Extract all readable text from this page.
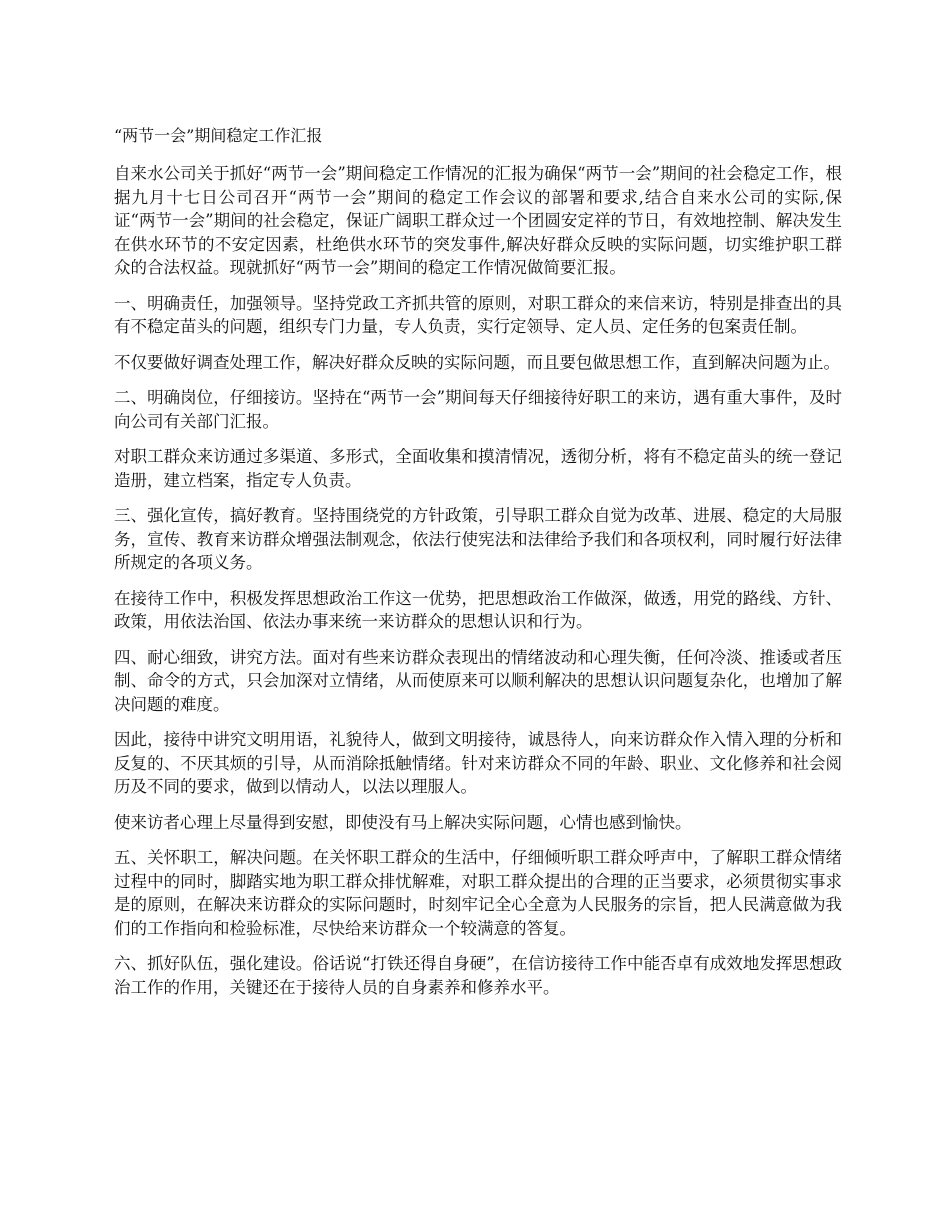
“两节一会”期间稳定工作汇报

自来水公司关于抓好“两节一会”期间稳定工作情况的汇报为确保“两节一会”期间的社会稳定工作，根据九月十七日公司召开“两节一会”期间的稳定工作会议的部署和要求,结合自来水公司的实际,保证“两节一会”期间的社会稳定，保证广阔职工群众过一个团圆安定祥的节日，有效地控制、解决发生在供水环节的不安定因素，杜绝供水环节的突发事件,解决好群众反映的实际问题，切实维护职工群众的合法权益。现就抓好“两节一会”期间的稳定工作情况做简要汇报。

一、明确责任，加强领导。坚持党政工齐抓共管的原则，对职工群众的来信来访，特别是排查出的具有不稳定苗头的问题，组织专门力量，专人负责，实行定领导、定人员、定任务的包案责任制。

不仅要做好调查处理工作，解决好群众反映的实际问题，而且要包做思想工作，直到解决问题为止。

二、明确岗位，仔细接访。坚持在“两节一会”期间每天仔细接待好职工的来访，遇有重大事件，及时向公司有关部门汇报。

对职工群众来访通过多渠道、多形式，全面收集和摸清情况，透彻分析，将有不稳定苗头的统一登记造册，建立档案，指定专人负责。

三、强化宣传，搞好教育。坚持围绕党的方针政策，引导职工群众自觉为改革、进展、稳定的大局服务，宣传、教育来访群众增强法制观念，依法行使宪法和法律给予我们和各项权利，同时履行好法律所规定的各项义务。

在接待工作中，积极发挥思想政治工作这一优势，把思想政治工作做深，做透，用党的路线、方针、政策，用依法治国、依法办事来统一来访群众的思想认识和行为。

四、耐心细致，讲究方法。面对有些来访群众表现出的情绪波动和心理失衡，任何冷淡、推诿或者压制、命令的方式，只会加深对立情绪，从而使原来可以顺利解决的思想认识问题复杂化，也增加了解决问题的难度。

因此，接待中讲究文明用语，礼貌待人，做到文明接待，诚恳待人，向来访群众作入情入理的分析和反复的、不厌其烦的引导，从而消除抵触情绪。针对来访群众不同的年龄、职业、文化修养和社会阅历及不同的要求，做到以情动人，以法以理服人。

使来访者心理上尽量得到安慰，即使没有马上解决实际问题，心情也感到愉快。

五、关怀职工，解决问题。在关怀职工群众的生活中，仔细倾听职工群众呼声中，了解职工群众情绪过程中的同时，脚踏实地为职工群众排忧解难，对职工群众提出的合理的正当要求，必须贯彻实事求是的原则，在解决来访群众的实际问题时，时刻牢记全心全意为人民服务的宗旨，把人民满意做为我们的工作指向和检验标准，尽快给来访群众一个较满意的答复。

六、抓好队伍，强化建设。俗话说“打铁还得自身硬”，在信访接待工作中能否卓有成效地发挥思想政治工作的作用，关键还在于接待人员的自身素养和修养水平。
